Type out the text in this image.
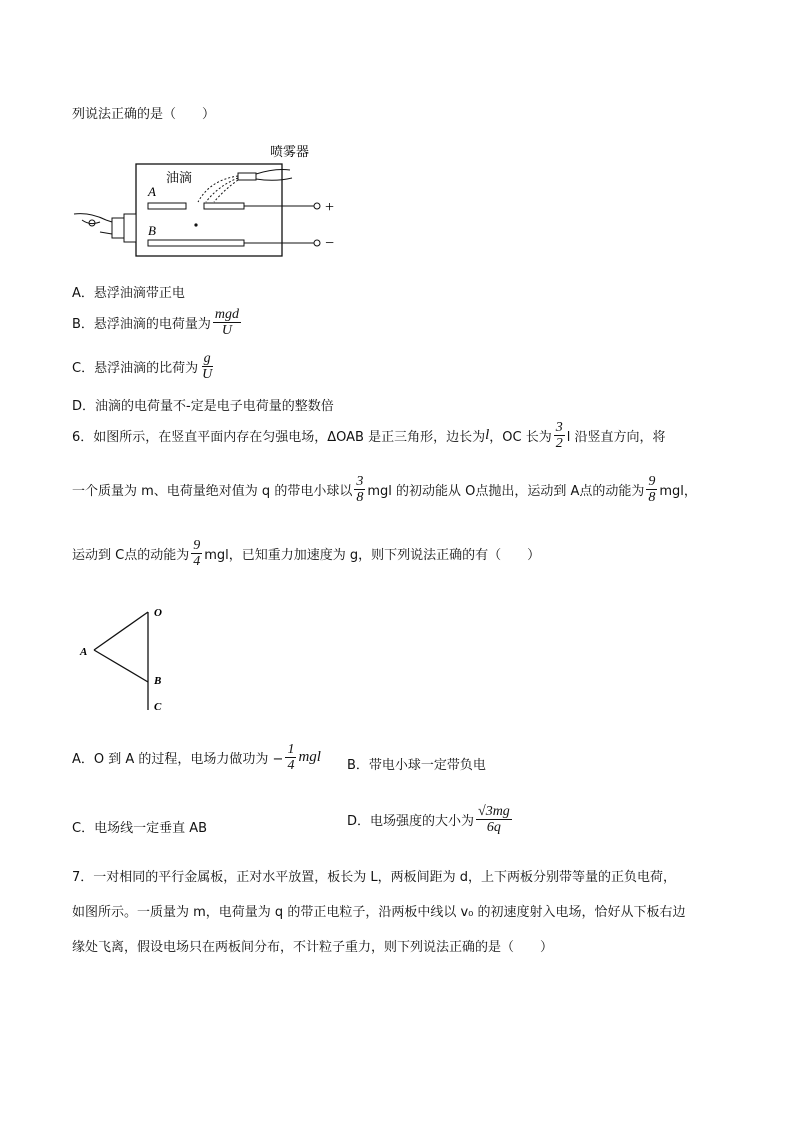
列说法正确的是（　　）
喷雾器
油滴
A
B
+
−
A．悬浮油滴带正电
B．悬浮油滴的电荷量为 $\frac{\text{mgd}}{U}$
C．悬浮油滴的比荷为 $\frac{g}{U}$
D．油滴的电荷量不-定是电子电荷量的整数倍
6．如图所示，在竖直平面内存在匀强电场，ΔOAB 是正三角形，边长为 l ，OC 长为 $\frac{3}{2}$ l 沿竖直方向，将
一个质量为 m、电荷量绝对值为 q 的带电小球以 $\frac{3}{8}$ mgl 的初动能从 O点抛出，运动到 A点的动能为 $\frac{9}{8}$ mgl，
运动到 C点的动能为 $\frac{9}{4}$ mgl，已知重力加速度为 g，则下列说法正确的有（　　）
O
A
B
C
A．O 到 A 的过程，电场力做功为 − $\frac{1}{4}$ mgl
B．带电小球一定带负电
C．电场线一定垂直 AB	D．电场强度的大小为 $\frac{√3mg}{6q}$
7．一对相同的平行金属板，正对水平放置，板长为 L，两板间距为 d，上下两板分别带等量的正负电荷，
如图所示。一质量为 m，电荷量为 q 的带正电粒子，沿两板中线以 v₀ 的初速度射入电场，恰好从下板右边
缘处飞离，假设电场只在两板间分布，不计粒子重力，则下列说法正确的是（　　）
